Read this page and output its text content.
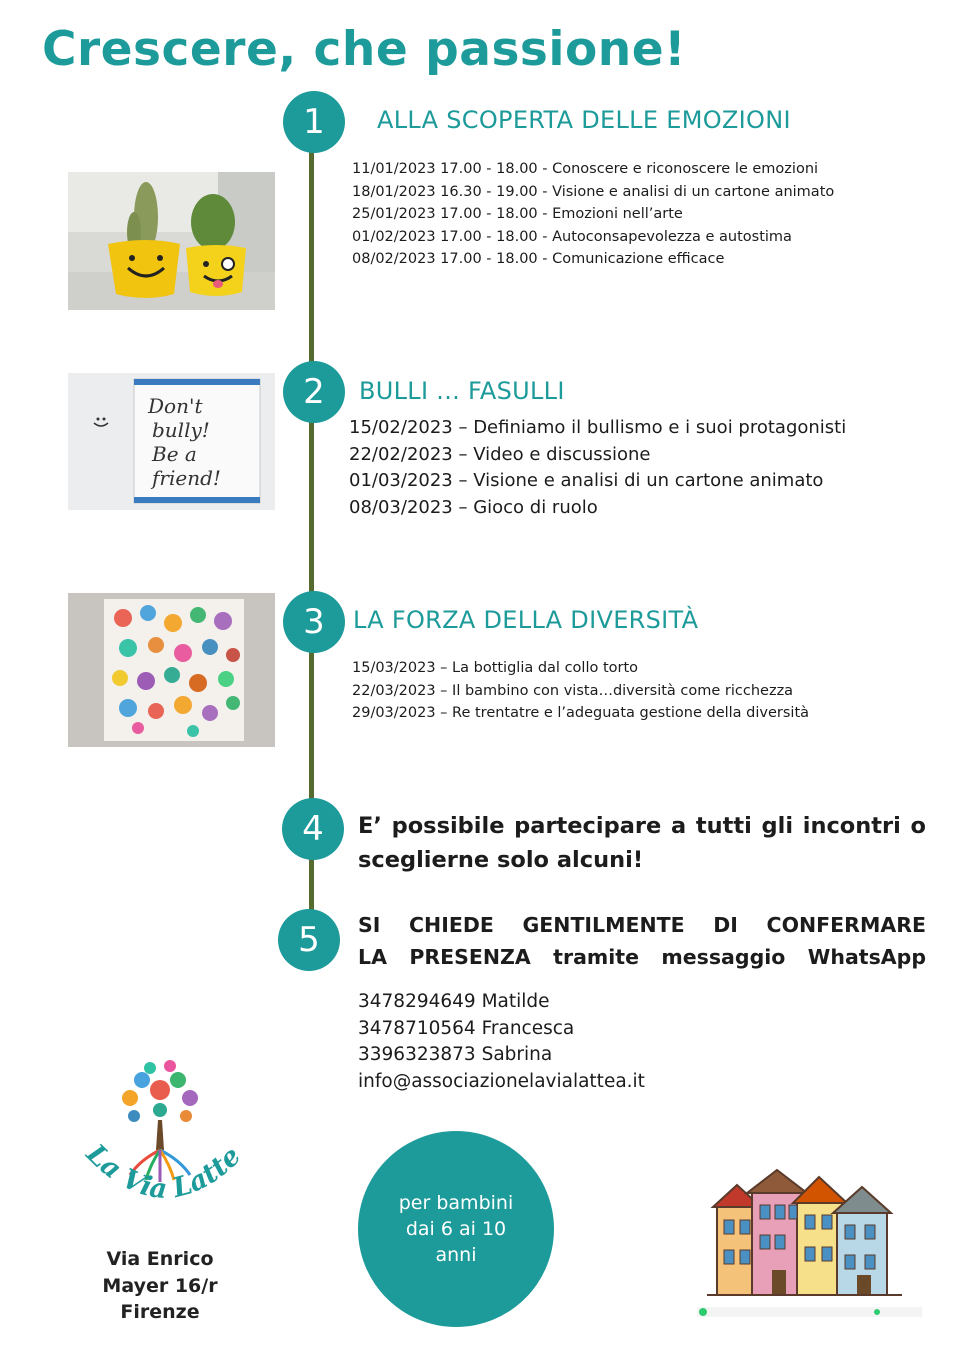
Crescere, che passione!
1 ALLA SCOPERTA DELLE EMOZIONI
11/01/2023 17.00 - 18.00 - Conoscere e riconoscere le emozioni
18/01/2023 16.30 - 19.00 - Visione e analisi di un cartone animato
25/01/2023 17.00 - 18.00 - Emozioni nell’arte
01/02/2023 17.00 - 18.00 - Autoconsapevolezza e autostima
08/02/2023 17.00 - 18.00 - Comunicazione efficace
Don't
bully!
Be a
friend!
2 BULLI ... FASULLI
15/02/2023 – Definiamo il bullismo e i suoi protagonisti
22/02/2023 – Video e discussione
01/03/2023 – Visione e analisi di un cartone animato
08/03/2023 – Gioco di ruolo
3 LA FORZA DELLA DIVERSITÀ
15/03/2023 – La bottiglia dal collo torto
22/03/2023 – Il bambino con vista…diversità come ricchezza
29/03/2023 – Re trentatre e l’adeguata gestione della diversità
4 E’ possibile partecipare a tutti gli incontri o sceglierne solo alcuni!
5 SI CHIEDE GENTILMENTE DI CONFERMARE
LA PRESENZA tramite messaggio WhatsApp
3478294649 Matilde
3478710564 Francesca
3396323873 Sabrina
info@associazionelavialattea.it
La Via Latte
Via Enrico
Mayer 16/r
Firenze
per bambini
dai 6 ai 10
anni
